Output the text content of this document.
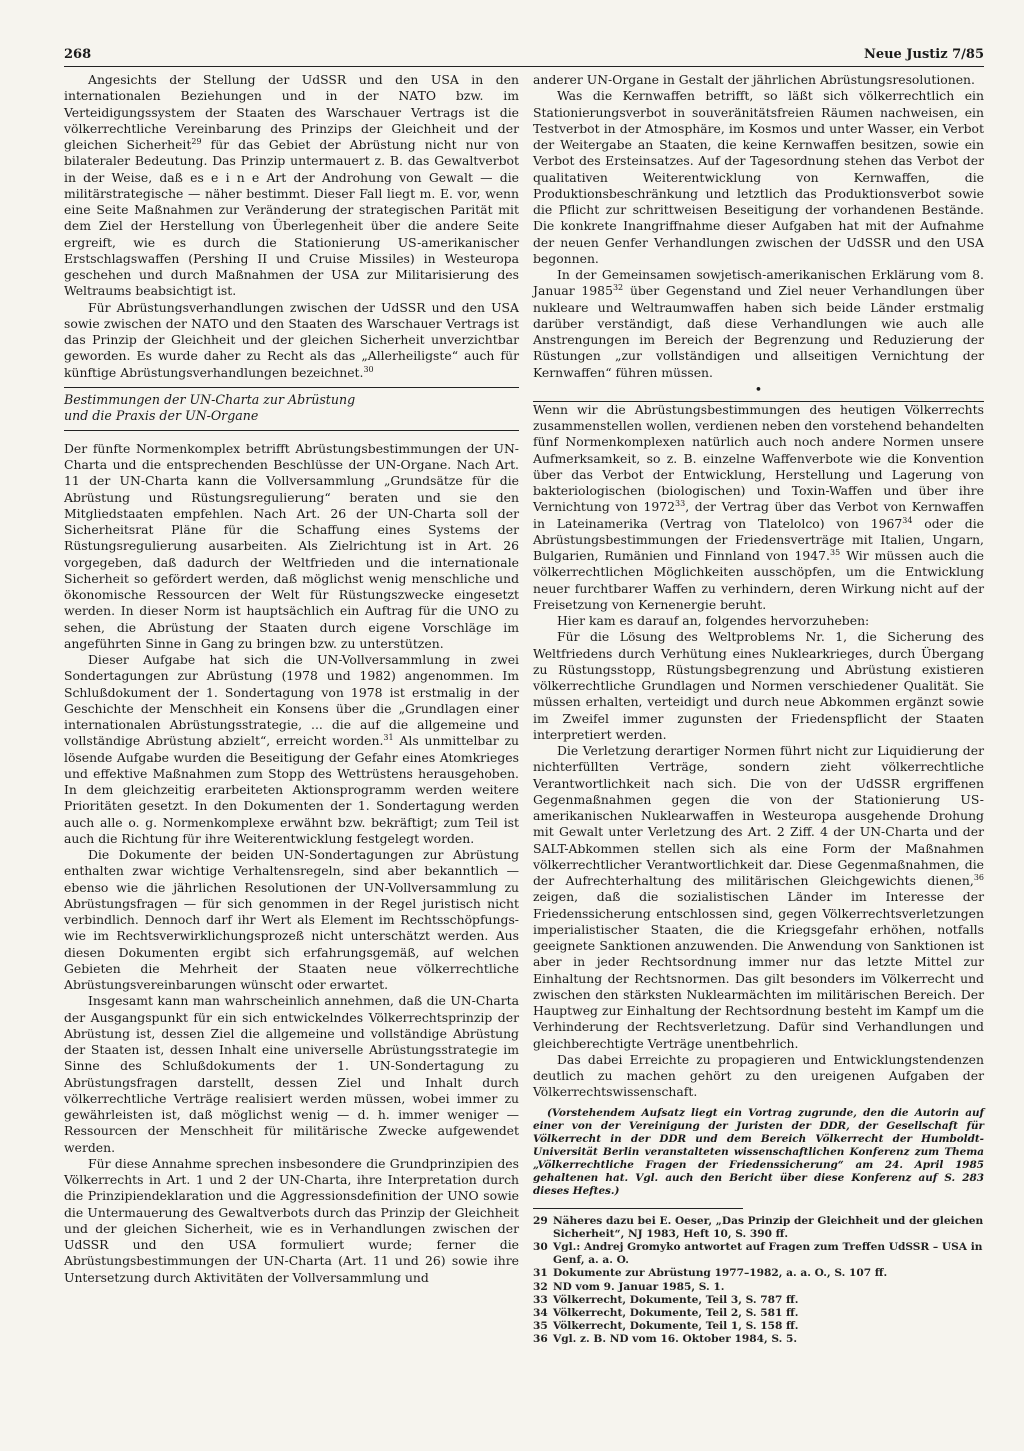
268	Neue Justiz 7/85

Angesichts der Stellung der UdSSR und den USA in den internationalen Beziehungen und in der NATO bzw. im Verteidigungssystem der Staaten des Warschauer Vertrags ist die völkerrechtliche Vereinbarung des Prinzips der Gleichheit und der gleichen Sicherheit$^{29}$ für das Gebiet der Abrüstung nicht nur von bilateraler Bedeutung. Das Prinzip untermauert z. B. das Gewaltverbot in der Weise, daß es e i n e Art der Androhung von Gewalt — die militärstrategische — näher bestimmt. Dieser Fall liegt m. E. vor, wenn eine Seite Maßnahmen zur Veränderung der strategischen Parität mit dem Ziel der Herstellung von Überlegenheit über die andere Seite ergreift, wie es durch die Stationierung US-amerikanischer Erstschlagswaffen (Pershing II und Cruise Missiles) in Westeuropa geschehen und durch Maßnahmen der USA zur Militarisierung des Weltraums beabsichtigt ist.

Für Abrüstungsverhandlungen zwischen der UdSSR und den USA sowie zwischen der NATO und den Staaten des Warschauer Vertrags ist das Prinzip der Gleichheit und der gleichen Sicherheit unverzichtbar geworden. Es wurde daher zu Recht als das „Allerheiligste“ auch für künftige Abrüstungsverhandlungen bezeichnet.$^{30}$

Bestimmungen der UN-Charta zur Abrüstung
und die Praxis der UN-Organe

Der fünfte Normenkomplex betrifft Abrüstungsbestimmungen der UN-Charta und die entsprechenden Beschlüsse der UN-Organe. Nach Art. 11 der UN-Charta kann die Vollversammlung „Grundsätze für die Abrüstung und Rüstungsregulierung“ beraten und sie den Mitgliedstaaten empfehlen. Nach Art. 26 der UN-Charta soll der Sicherheitsrat Pläne für die Schaffung eines Systems der Rüstungsregulierung ausarbeiten. Als Zielrichtung ist in Art. 26 vorgegeben, daß dadurch der Weltfrieden und die internationale Sicherheit so gefördert werden, daß möglichst wenig menschliche und ökonomische Ressourcen der Welt für Rüstungszwecke eingesetzt werden. In dieser Norm ist hauptsächlich ein Auftrag für die UNO zu sehen, die Abrüstung der Staaten durch eigene Vorschläge im angeführten Sinne in Gang zu bringen bzw. zu unterstützen.

Dieser Aufgabe hat sich die UN-Vollversammlung in zwei Sondertagungen zur Abrüstung (1978 und 1982) angenommen. Im Schlußdokument der 1. Sondertagung von 1978 ist erstmalig in der Geschichte der Menschheit ein Konsens über die „Grundlagen einer internationalen Abrüstungsstrategie, ... die auf die allgemeine und vollständige Abrüstung abzielt“, erreicht worden.$^{31}$ Als unmittelbar zu lösende Aufgabe wurden die Beseitigung der Gefahr eines Atomkrieges und effektive Maßnahmen zum Stopp des Wettrüstens herausgehoben. In dem gleichzeitig erarbeiteten Aktionsprogramm werden weitere Prioritäten gesetzt. In den Dokumenten der 1. Sondertagung werden auch alle o. g. Normenkomplexe erwähnt bzw. bekräftigt; zum Teil ist auch die Richtung für ihre Weiterentwicklung festgelegt worden.

Die Dokumente der beiden UN-Sondertagungen zur Abrüstung enthalten zwar wichtige Verhaltensregeln, sind aber bekanntlich — ebenso wie die jährlichen Resolutionen der UN-Vollversammlung zu Abrüstungsfragen — für sich genommen in der Regel juristisch nicht verbindlich. Dennoch darf ihr Wert als Element im Rechtsschöpfungs- wie im Rechtsverwirklichungsprozeß nicht unterschätzt werden. Aus diesen Dokumenten ergibt sich erfahrungsgemäß, auf welchen Gebieten die Mehrheit der Staaten neue völkerrechtliche Abrüstungsvereinbarungen wünscht oder erwartet.

Insgesamt kann man wahrscheinlich annehmen, daß die UN-Charta der Ausgangspunkt für ein sich entwickelndes Völkerrechtsprinzip der Abrüstung ist, dessen Ziel die allgemeine und vollständige Abrüstung der Staaten ist, dessen Inhalt eine universelle Abrüstungsstrategie im Sinne des Schlußdokuments der 1. UN-Sondertagung zu Abrüstungsfragen darstellt, dessen Ziel und Inhalt durch völkerrechtliche Verträge realisiert werden müssen, wobei immer zu gewährleisten ist, daß möglichst wenig — d. h. immer weniger — Ressourcen der Menschheit für militärische Zwecke aufgewendet werden.

Für diese Annahme sprechen insbesondere die Grundprinzipien des Völkerrechts in Art. 1 und 2 der UN-Charta, ihre Interpretation durch die Prinzipiendeklaration und die Aggressionsdefinition der UNO sowie die Untermauerung des Gewaltverbots durch das Prinzip der Gleichheit und der gleichen Sicherheit, wie es in Verhandlungen zwischen der UdSSR und den USA formuliert wurde; ferner die Abrüstungsbestimmungen der UN-Charta (Art. 11 und 26) sowie ihre Untersetzung durch Aktivitäten der Vollversammlung und

anderer UN-Organe in Gestalt der jährlichen Abrüstungsresolutionen.

Was die Kernwaffen betrifft, so läßt sich völkerrechtlich ein Stationierungsverbot in souveränitätsfreien Räumen nachweisen, ein Testverbot in der Atmosphäre, im Kosmos und unter Wasser, ein Verbot der Weitergabe an Staaten, die keine Kernwaffen besitzen, sowie ein Verbot des Ersteinsatzes. Auf der Tagesordnung stehen das Verbot der qualitativen Weiterentwicklung von Kernwaffen, die Produktionsbeschränkung und letztlich das Produktionsverbot sowie die Pflicht zur schrittweisen Beseitigung der vorhandenen Bestände. Die konkrete Inangriffnahme dieser Aufgaben hat mit der Aufnahme der neuen Genfer Verhandlungen zwischen der UdSSR und den USA begonnen.

In der Gemeinsamen sowjetisch-amerikanischen Erklärung vom 8. Januar 1985$^{32}$ über Gegenstand und Ziel neuer Verhandlungen über nukleare und Weltraumwaffen haben sich beide Länder erstmalig darüber verständigt, daß diese Verhandlungen wie auch alle Anstrengungen im Bereich der Begrenzung und Reduzierung der Rüstungen „zur vollständigen und allseitigen Vernichtung der Kernwaffen“ führen müssen.

•

Wenn wir die Abrüstungsbestimmungen des heutigen Völkerrechts zusammenstellen wollen, verdienen neben den vorstehend behandelten fünf Normenkomplexen natürlich auch noch andere Normen unsere Aufmerksamkeit, so z. B. einzelne Waffenverbote wie die Konvention über das Verbot der Entwicklung, Herstellung und Lagerung von bakteriologischen (biologischen) und Toxin-Waffen und über ihre Vernichtung von 1972$^{33}$, der Vertrag über das Verbot von Kernwaffen in Lateinamerika (Vertrag von Tlatelolco) von 1967$^{34}$ oder die Abrüstungsbestimmungen der Friedensverträge mit Italien, Ungarn, Bulgarien, Rumänien und Finnland von 1947.35 Wir müssen auch die völkerrechtlichen Möglichkeiten ausschöpfen, um die Entwicklung neuer furchtbarer Waffen zu verhindern, deren Wirkung nicht auf der Freisetzung von Kernenergie beruht.

Hier kam es darauf an, folgendes hervorzuheben:

Für die Lösung des Weltproblems Nr. 1, die Sicherung des Weltfriedens durch Verhütung eines Nuklearkrieges, durch Übergang zu Rüstungsstopp, Rüstungsbegrenzung und Abrüstung existieren völkerrechtliche Grundlagen und Normen verschiedener Qualität. Sie müssen erhalten, verteidigt und durch neue Abkommen ergänzt sowie im Zweifel immer zugunsten der Friedenspflicht der Staaten interpretiert werden.

Die Verletzung derartiger Normen führt nicht zur Liquidierung der nichterfüllten Verträge, sondern zieht völkerrechtliche Verantwortlichkeit nach sich. Die von der UdSSR ergriffenen Gegenmaßnahmen gegen die von der Stationierung US-amerikanischen Nuklearwaffen in Westeuropa ausgehende Drohung mit Gewalt unter Verletzung des Art. 2 Ziff. 4 der UN-Charta und der SALT-Abkommen stellen sich als eine Form der Maßnahmen völkerrechtlicher Verantwortlichkeit dar. Diese Gegenmaßnahmen, die der Aufrechterhaltung des militärischen Gleichgewichts dienen,$^{36}$ zeigen, daß die sozialistischen Länder im Interesse der Friedenssicherung entschlossen sind, gegen Völkerrechtsverletzungen imperialistischer Staaten, die die Kriegsgefahr erhöhen, notfalls geeignete Sanktionen anzuwenden. Die Anwendung von Sanktionen ist aber in jeder Rechtsordnung immer nur das letzte Mittel zur Einhaltung der Rechtsnormen. Das gilt besonders im Völkerrecht und zwischen den stärksten Nuklearmächten im militärischen Bereich. Der Hauptweg zur Einhaltung der Rechtsordnung besteht im Kampf um die Verhinderung der Rechtsverletzung. Dafür sind Verhandlungen und gleichberechtigte Verträge unentbehrlich.

Das dabei Erreichte zu propagieren und Entwicklungstendenzen deutlich zu machen gehört zu den ureigenen Aufgaben der Völkerrechtswissenschaft.

(Vorstehendem Aufsatz liegt ein Vortrag zugrunde, den die Autorin auf einer von der Vereinigung der Juristen der DDR, der Gesellschaft für Völkerrecht in der DDR und dem Bereich Völkerrecht der Humboldt-Universität Berlin veranstalteten wissenschaftlichen Konferenz zum Thema „Völkerrechtliche Fragen der Friedenssicherung“ am 24. April 1985 gehaltenen hat. Vgl. auch den Bericht über diese Konferenz auf S. 283 dieses Heftes.)
29 Näheres dazu bei E. Oeser, „Das Prinzip der Gleichheit und der gleichen Sicherheit“, NJ 1983, Heft 10, S. 390 ff.
30 Vgl.: Andrej Gromyko antwortet auf Fragen zum Treffen UdSSR – USA in Genf, a. a. O.
31 Dokumente zur Abrüstung 1977–1982, a. a. O., S. 107 ff.
32 ND vom 9. Januar 1985, S. 1.
33 Völkerrecht, Dokumente, Teil 3, S. 787 ff.
34 Völkerrecht, Dokumente, Teil 2, S. 581 ff.
35 Völkerrecht, Dokumente, Teil 1, S. 158 ff.
36 Vgl. z. B. ND vom 16. Oktober 1984, S. 5.
